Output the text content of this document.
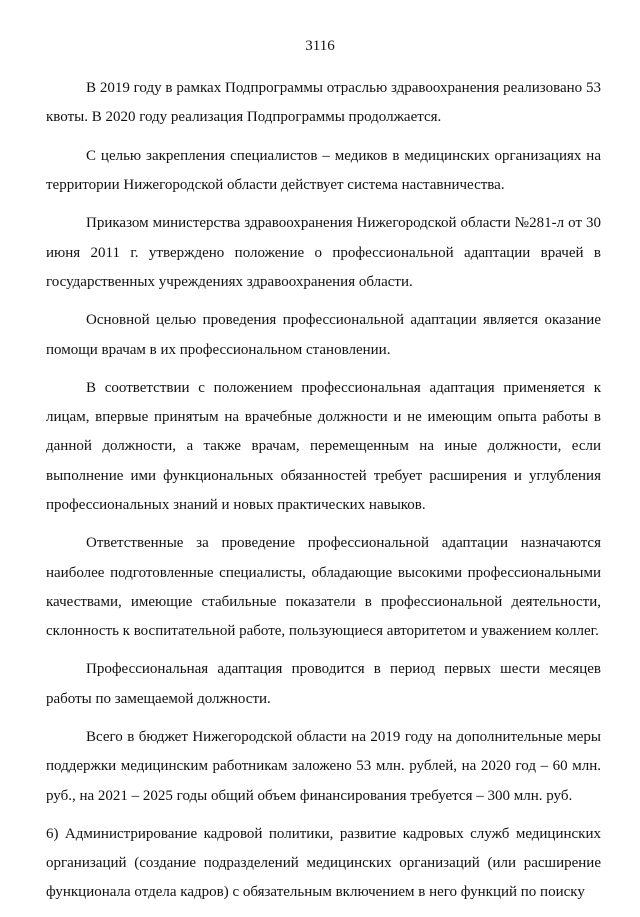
3116

В 2019 году в рамках Подпрограммы отраслью здравоохранения реализовано 53 квоты. В 2020 году реализация Подпрограммы продолжается.

С целью закрепления специалистов – медиков в медицинских организациях на территории Нижегородской области действует система наставничества.

Приказом министерства здравоохранения Нижегородской области №281-л от 30 июня 2011 г. утверждено положение о профессиональной адаптации врачей в государственных учреждениях здравоохранения области.

Основной целью проведения профессиональной адаптации является оказание помощи врачам в их профессиональном становлении.

В соответствии с положением профессиональная адаптация применяется к лицам, впервые принятым на врачебные должности и не имеющим опыта работы в данной должности, а также врачам, перемещенным на иные должности, если выполнение ими функциональных обязанностей требует расширения и углубления профессиональных знаний и новых практических навыков.

Ответственные за проведение профессиональной адаптации назначаются наиболее подготовленные специалисты, обладающие высокими профессиональными качествами, имеющие стабильные показатели в профессиональной деятельности, склонность к воспитательной работе, пользующиеся авторитетом и уважением коллег.

Профессиональная адаптация проводится в период первых шести месяцев работы по замещаемой должности.

Всего в бюджет Нижегородской области на 2019 году на дополнительные меры поддержки медицинским работникам заложено 53 млн. рублей, на 2020 год – 60 млн. руб., на 2021 – 2025 годы общий объем финансирования требуется – 300 млн. руб.

6) Администрирование кадровой политики, развитие кадровых служб медицинских организаций (создание подразделений медицинских организаций (или расширение функционала отдела кадров) с обязательным включением в него функций по поиску
